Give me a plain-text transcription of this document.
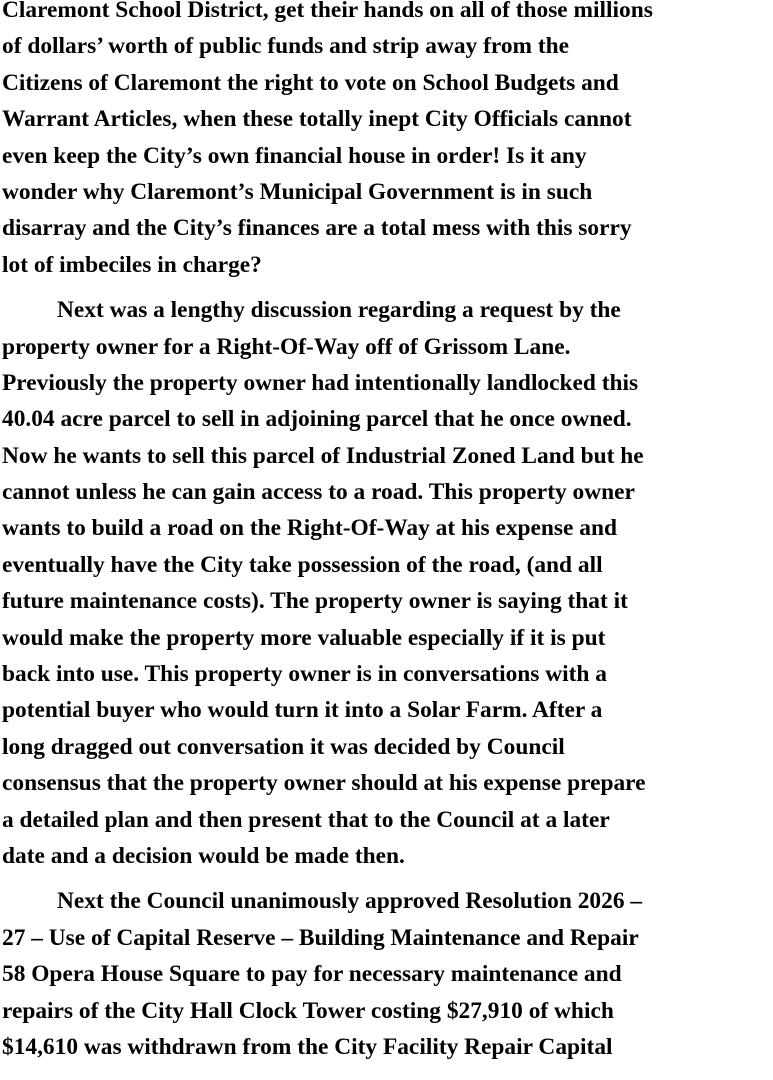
Claremont School District, get their hands on all of those millions
of dollars’ worth of public funds and strip away from the
Citizens of Claremont the right to vote on School Budgets and
Warrant Articles, when these totally inept City Officials cannot
even keep the City’s own financial house in order! Is it any
wonder why Claremont’s Municipal Government is in such
disarray and the City’s finances are a total mess with this sorry
lot of imbeciles in charge?
Next was a lengthy discussion regarding a request by the
property owner for a Right-Of-Way off of Grissom Lane.
Previously the property owner had intentionally landlocked this
40.04 acre parcel to sell in adjoining parcel that he once owned.
Now he wants to sell this parcel of Industrial Zoned Land but he
cannot unless he can gain access to a road. This property owner
wants to build a road on the Right-Of-Way at his expense and
eventually have the City take possession of the road, (and all
future maintenance costs). The property owner is saying that it
would make the property more valuable especially if it is put
back into use. This property owner is in conversations with a
potential buyer who would turn it into a Solar Farm. After a
long dragged out conversation it was decided by Council
consensus that the property owner should at his expense prepare
a detailed plan and then present that to the Council at a later
date and a decision would be made then.
Next the Council unanimously approved Resolution 2026 –
27 – Use of Capital Reserve – Building Maintenance and Repair
58 Opera House Square to pay for necessary maintenance and
repairs of the City Hall Clock Tower costing $27,910 of which
$14,610 was withdrawn from the City Facility Repair Capital
